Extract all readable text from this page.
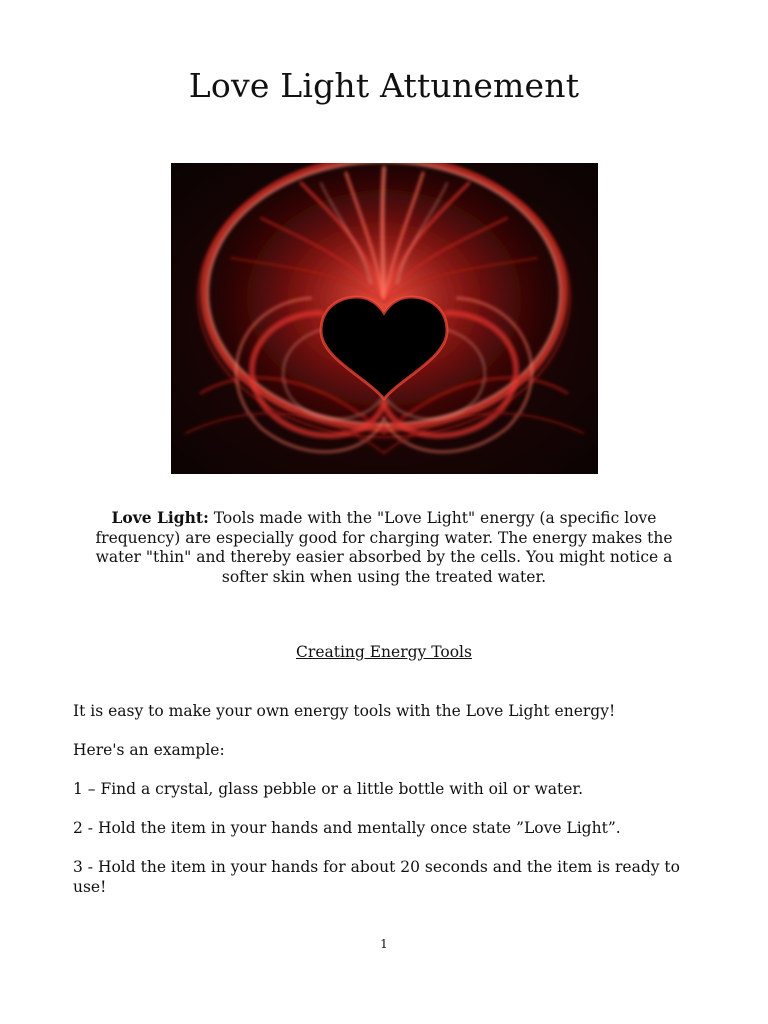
Love Light Attunement

Love Light: Tools made with the "Love Light" energy (a specific love frequency) are especially good for charging water. The energy makes the water "thin" and thereby easier absorbed by the cells. You might notice a softer skin when using the treated water.

Creating Energy Tools

It is easy to make your own energy tools with the Love Light energy!

Here's an example:

1 – Find a crystal, glass pebble or a little bottle with oil or water.

2 - Hold the item in your hands and mentally once state ”Love Light”.

3 - Hold the item in your hands for about 20 seconds and the item is ready to use!

1
